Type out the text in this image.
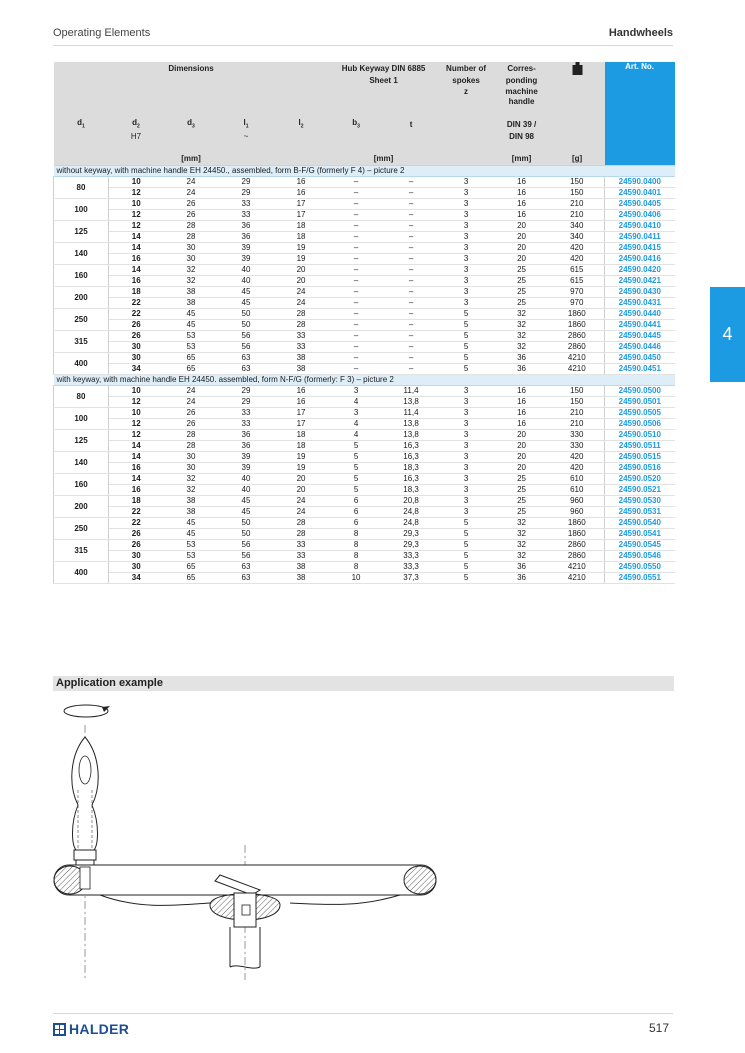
Operating Elements	Handwheels
4
Dimensions					Hub Keyway DIN 6885		Number of	Corres-		Art. No.
					Sheet 1		spokes	ponding		
							z	machine		
								handle		

$d_1$	$d_2$	$d_3$	$l_1$	$l_2$	$b_3$	t		DIN 39 /		
	H7		~					DIN 98		

		[mm]			[mm]			[mm]	[g]	
without keyway, with machine handle EH 24450., assembled, form B-F/G (formerly F 4) – picture 2										
80	10	24	29	16	–	–	3	16	150	24590.0400
	12	24	29	16	–	–	3	16	150	24590.0401
100	10	26	33	17	–	–	3	16	210	24590.0405
	12	26	33	17	–	–	3	16	210	24590.0406
125	12	28	36	18	–	–	3	20	340	24590.0410
	14	28	36	18	–	–	3	20	340	24590.0411
140	14	30	39	19	–	–	3	20	420	24590.0415
	16	30	39	19	–	–	3	20	420	24590.0416
160	14	32	40	20	–	–	3	25	615	24590.0420
	16	32	40	20	–	–	3	25	615	24590.0421
200	18	38	45	24	–	–	3	25	970	24590.0430
	22	38	45	24	–	–	3	25	970	24590.0431
250	22	45	50	28	–	–	5	32	1860	24590.0440
	26	45	50	28	–	–	5	32	1860	24590.0441
315	26	53	56	33	–	–	5	32	2860	24590.0445
	30	53	56	33	–	–	5	32	2860	24590.0446
400	30	65	63	38	–	–	5	36	4210	24590.0450
	34	65	63	38	–	–	5	36	4210	24590.0451
with keyway, with machine handle EH 24450. assembled, form N-F/G (formerly: F 3) – picture 2										
80	10	24	29	16	3	11,4	3	16	150	24590.0500
	12	24	29	16	4	13,8	3	16	150	24590.0501
100	10	26	33	17	3	11,4	3	16	210	24590.0505
	12	26	33	17	4	13,8	3	16	210	24590.0506
125	12	28	36	18	4	13,8	3	20	330	24590.0510
	14	28	36	18	5	16,3	3	20	330	24590.0511
140	14	30	39	19	5	16,3	3	20	420	24590.0515
	16	30	39	19	5	18,3	3	20	420	24590.0516
160	14	32	40	20	5	16,3	3	25	610	24590.0520
	16	32	40	20	5	18,3	3	25	610	24590.0521
200	18	38	45	24	6	20,8	3	25	960	24590.0530
	22	38	45	24	6	24,8	3	25	960	24590.0531
250	22	45	50	28	6	24,8	5	32	1860	24590.0540
	26	45	50	28	8	29,3	5	32	1860	24590.0541
315	26	53	56	33	8	29,3	5	32	2860	24590.0545
	30	53	56	33	8	33,3	5	32	2860	24590.0546
400	30	65	63	38	8	33,3	5	36	4210	24590.0550
	34	65	63	38	10	37,3	5	36	4210	24590.0551
Application example
HALDER	517
